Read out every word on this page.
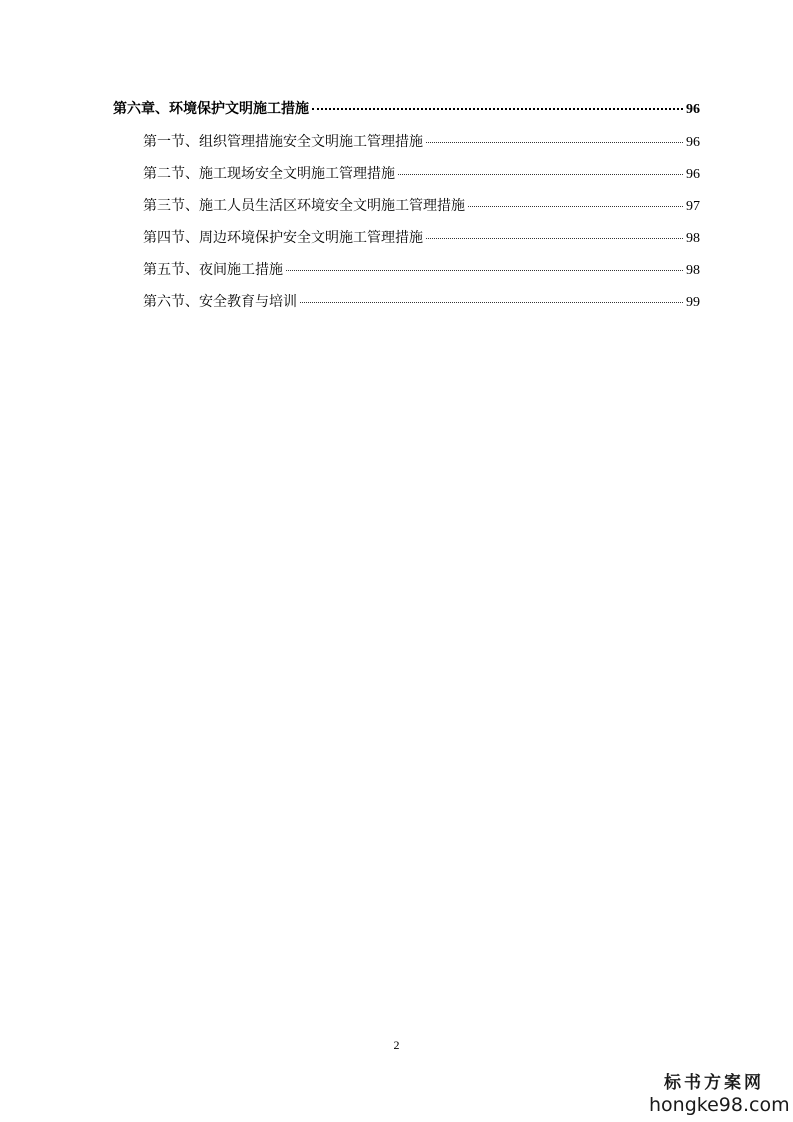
第六章、环境保护文明施工措施	96
第一节、组织管理措施安全文明施工管理措施	96
第二节、施工现场安全文明施工管理措施	96
第三节、施工人员生活区环境安全文明施工管理措施	97
第四节、周边环境保护安全文明施工管理措施	98
第五节、夜间施工措施	98
第六节、安全教育与培训	99
2
标书方案网
hongke98.com
